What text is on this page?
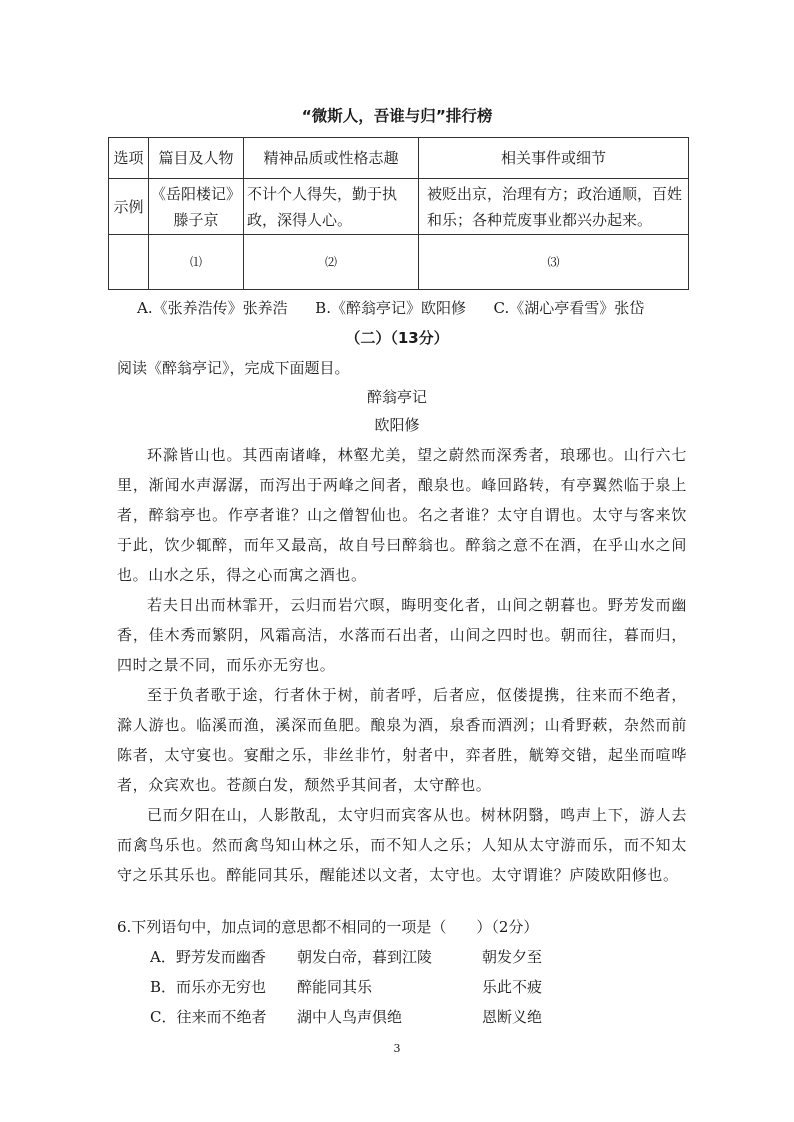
“微斯人，吾谁与归”排行榜
选项	篇目及人物	精神品质或性格志趣	相关事件或细节
示例	《岳阳楼记》滕子京	不计个人得失，勤于执政，深得人心。	被贬出京，治理有方；政治通顺，百姓和乐；各种荒废事业都兴办起来。
	⑴	⑵	⑶
A.《张养浩传》张养浩 B.《醉翁亭记》欧阳修 C.《湖心亭看雪》张岱
（二）（13分）
阅读《醉翁亭记》，完成下面题目。
醉翁亭记
欧阳修

环滁皆山也。其西南诸峰，林壑尤美，望之蔚然而深秀者，琅琊也。山行六七里，渐闻水声潺潺，而泻出于两峰之间者，酿泉也。峰回路转，有亭翼然临于泉上者，醉翁亭也。作亭者谁？山之僧智仙也。名之者谁？太守自谓也。太守与客来饮于此，饮少辄醉，而年又最高，故自号曰醉翁也。醉翁之意不在酒，在乎山水之间也。山水之乐，得之心而寓之酒也。

若夫日出而林霏开，云归而岩穴暝，晦明变化者，山间之朝暮也。野芳发而幽香，佳木秀而繁阴，风霜高洁，水落而石出者，山间之四时也。朝而往，暮而归，四时之景不同，而乐亦无穷也。

至于负者歌于途，行者休于树，前者呼，后者应，伛偻提携，往来而不绝者，滁人游也。临溪而渔，溪深而鱼肥。酿泉为酒，泉香而酒洌；山肴野蔌，杂然而前陈者，太守宴也。宴酣之乐，非丝非竹，射者中，弈者胜，觥筹交错，起坐而喧哗者，众宾欢也。苍颜白发，颓然乎其间者，太守醉也。

已而夕阳在山，人影散乱，太守归而宾客从也。树林阴翳，鸣声上下，游人去而禽鸟乐也。然而禽鸟知山林之乐，而不知人之乐；人知从太守游而乐，而不知太守之乐其乐也。醉能同其乐，醒能述以文者，太守也。太守谓谁？庐陵欧阳修也。

6.下列语句中，加点词的意思都不相同的一项是（　　）（2分）
A．野芳发而幽香 朝发白帝，暮到江陵	朝发夕至
B．而乐亦无穷也 醉能同其乐	乐此不疲
C．往来而不绝者 湖中人鸟声俱绝	恩断义绝
3
